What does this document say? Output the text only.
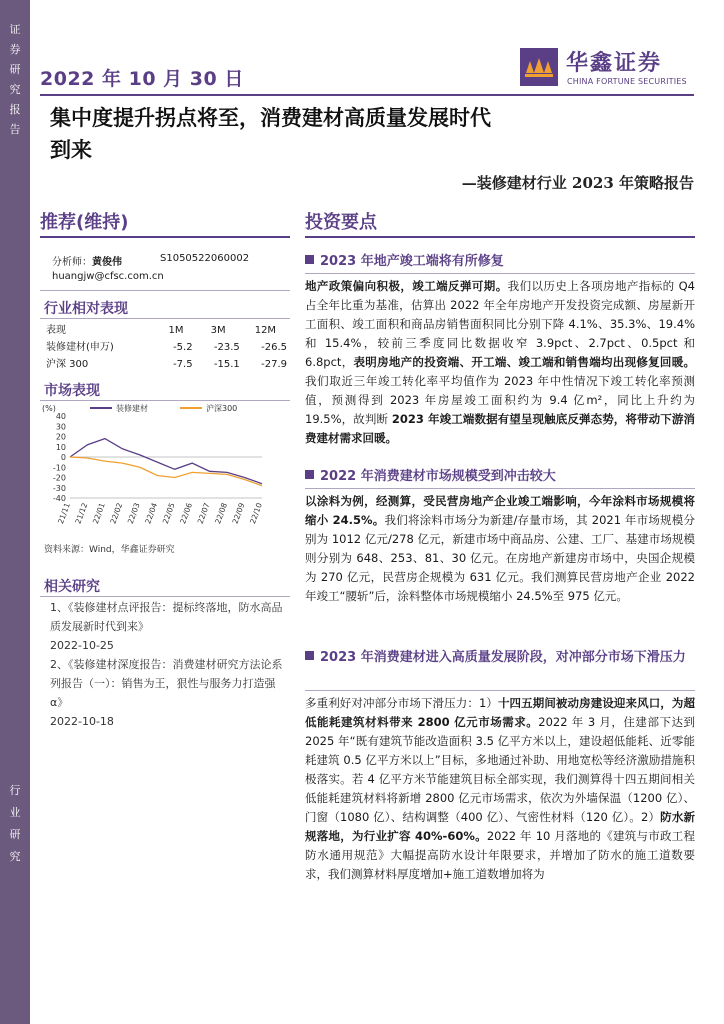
证
券
研
究
报
告
行
业
研
究
2022 年 10 月 30 日
华鑫证券
CHINA FORTUNE SECURITIES
集中度提升拐点将至，消费建材高质量发展时代
到来
—装修建材行业 2023 年策略报告
推荐(维持)	投资要点
分析师：黄俊伟	S1050522060002
huangjw@cfsc.com.cn
行业相对表现
表现	1M	3M	12M
装修建材(申万)	-5.2	-23.5	-26.5
沪深 300	-7.5	-15.1	-27.9
市场表现
(%)
40
30
20
10
0
-10
-20
-30
-40
21/11 21/12 22/01 22/02 22/03 22/04 22/05 22/06 22/07 22/08 22/09 22/10
装修建材	沪深300
资料来源：Wind，华鑫证券研究
相关研究

1、《装修建材点评报告：提标终落地，防水高品质发展新时代到来》

2022-10-25

2、《装修建材深度报告：消费建材研究方法论系列报告（一）：销售为王，狠性与服务力打造强 α》

2022-10-18

2023 年地产竣工端将有所修复
地产政策偏向积极，竣工端反弹可期。我们以历史上各项房地产指标的 Q4 占全年比重为基准，估算出 2022 年全年房地产开发投资完成额、房屋新开工面积、竣工面积和商品房销售面积同比分别下降 4.1%、35.3%、19.4%和 15.4%，较前三季度同比数据收窄 3.9pct、2.7pct、0.5pct 和 6.8pct，表明房地产的投资端、开工端、竣工端和销售端均出现修复回暖。我们取近三年竣工转化率平均值作为 2023 年中性情况下竣工转化率预测值，预测得到 2023 年房屋竣工面积约为 9.4 亿m²，同比上升约为 19.5%，故判断 2023 年竣工端数据有望呈现触底反弹态势，将带动下游消费建材需求回暖。
2022 年消费建材市场规模受到冲击较大
以涂料为例，经测算，受民营房地产企业竣工端影响，今年涂料市场规模将缩小 24.5%。我们将涂料市场分为新建/存量市场，其 2021 年市场规模分别为 1012 亿元/278 亿元，新建市场中商品房、公建、工厂、基建市场规模则分别为 648、253、81、30 亿元。在房地产新建房市场中，央国企规模为 270 亿元，民营房企规模为 631 亿元。我们测算民营房地产企业 2022 年竣工“腰斩”后，涂料整体市场规模缩小 24.5%至 975 亿元。
2023 年消费建材进入高质量发展阶段，对冲部分市场下滑压力
多重利好对冲部分市场下滑压力：1）十四五期间被动房建设迎来风口，为超低能耗建筑材料带来 2800 亿元市场需求。2022 年 3 月，住建部下达到 2025 年“既有建筑节能改造面积 3.5 亿平方米以上，建设超低能耗、近零能耗建筑 0.5 亿平方米以上”目标，多地通过补助、用地宽松等经济激励措施积极落实。若 4 亿平方米节能建筑目标全部实现，我们测算得十四五期间相关低能耗建筑材料将新增 2800 亿元市场需求，依次为外墙保温（1200 亿）、门窗（1080 亿）、结构调整（400 亿）、气密性材料（120 亿）。2）防水新规落地，为行业扩容 40%-60%。2022 年 10 月落地的《建筑与市政工程防水通用规范》大幅提高防水设计年限要求，并增加了防水的施工道数要求，我们测算材料厚度增加+施工道数增加将为
